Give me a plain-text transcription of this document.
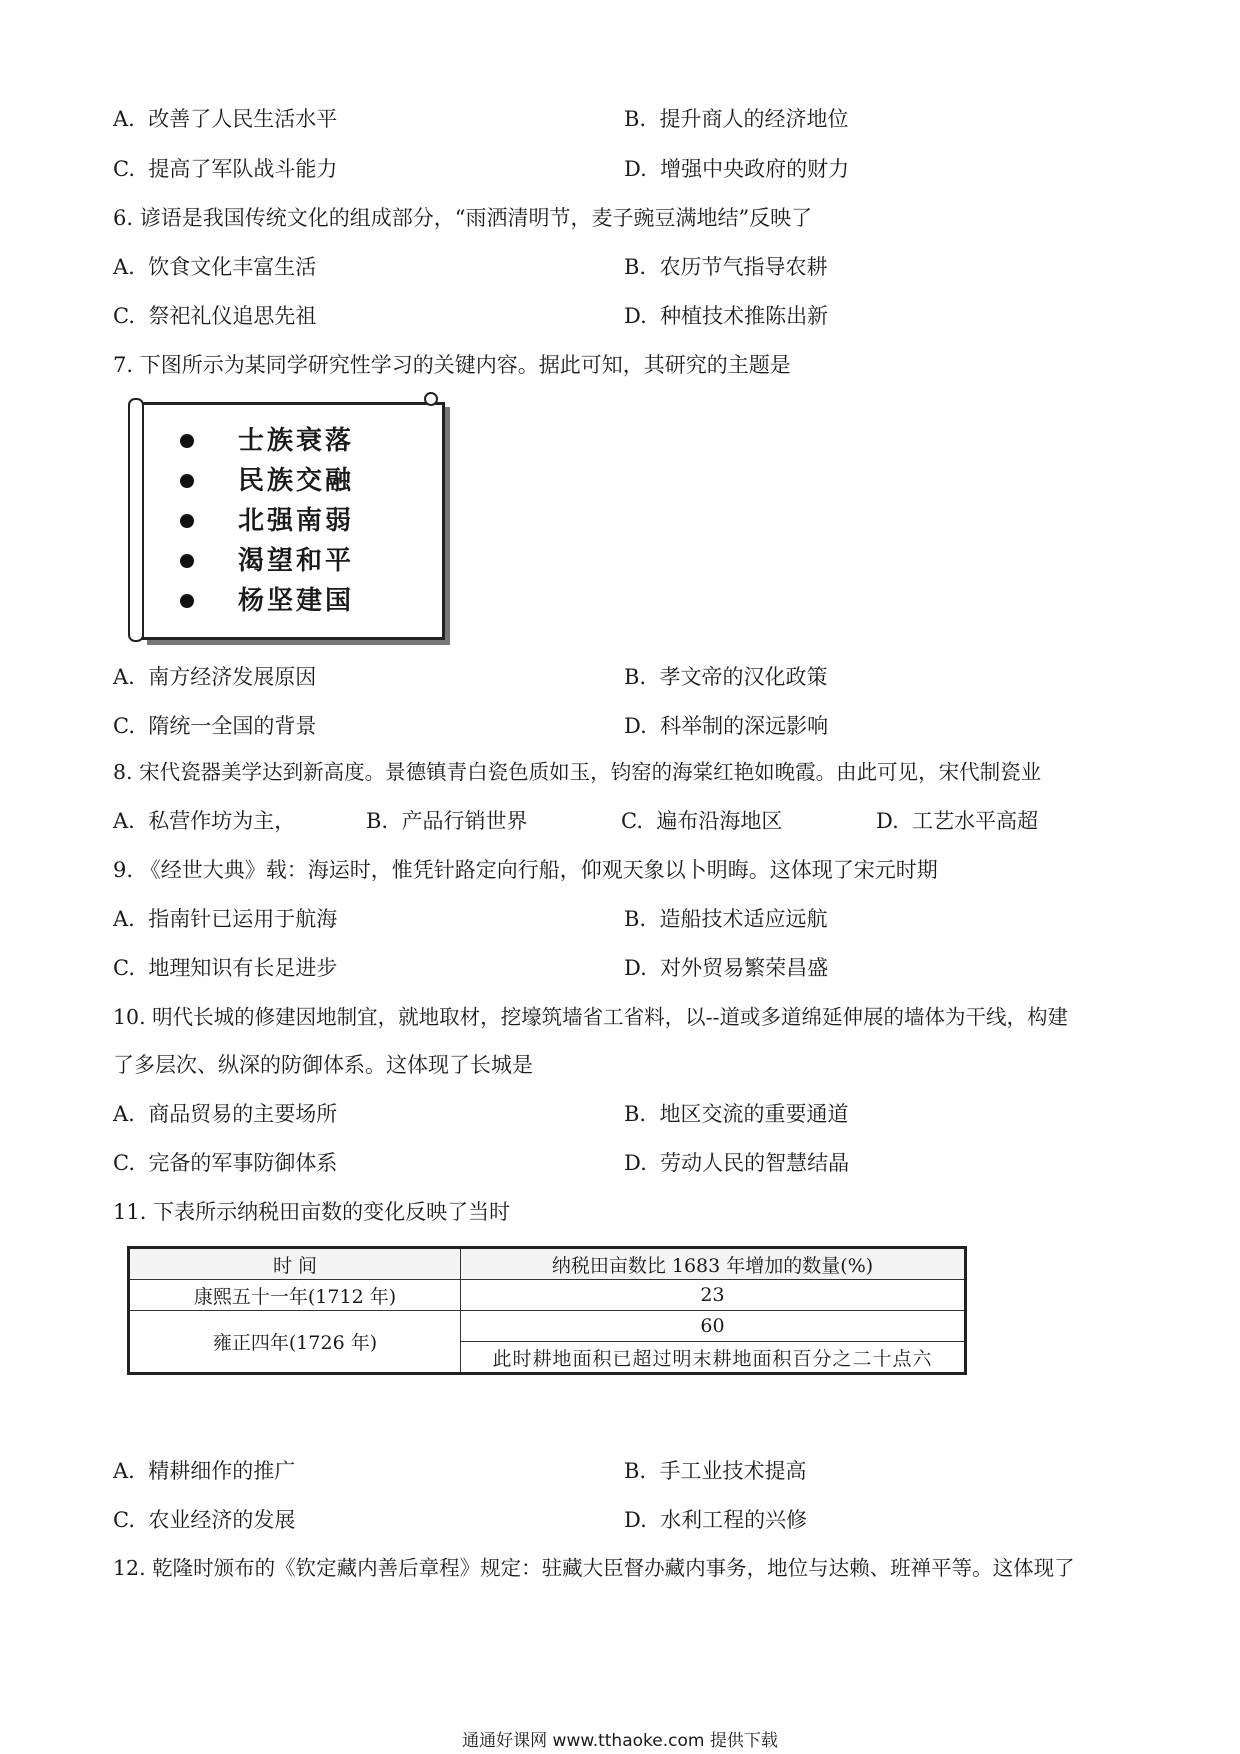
A. 改善了人民生活水平	B. 提升商人的经济地位
C. 提高了军队战斗能力	D. 增强中央政府的财力
6. 谚语是我国传统文化的组成部分，“雨洒清明节，麦子豌豆满地结”反映了
A. 饮食文化丰富生活	B. 农历节气指导农耕
C. 祭祀礼仪追思先祖	D. 种植技术推陈出新
7. 下图所示为某同学研究性学习的关键内容。据此可知，其研究的主题是
士族衰落
民族交融
北强南弱
渴望和平
杨坚建国
A. 南方经济发展原因	B. 孝文帝的汉化政策
C. 隋统一全国的背景	D. 科举制的深远影响
8. 宋代瓷器美学达到新高度。景德镇青白瓷色质如玉，钧窑的海棠红艳如晚霞。由此可见，宋代制瓷业
A. 私营作坊为主，	B. 产品行销世界	C. 遍布沿海地区	D. 工艺水平高超
9. 《经世大典》载：海运时，惟凭针路定向行船，仰观天象以卜明晦。这体现了宋元时期
A. 指南针已运用于航海	B. 造船技术适应远航
C. 地理知识有长足进步	D. 对外贸易繁荣昌盛
10. 明代长城的修建因地制宜，就地取材，挖壕筑墙省工省料，以--道或多道绵延伸展的墙体为干线，构建
了多层次、纵深的防御体系。这体现了长城是
A. 商品贸易的主要场所	B. 地区交流的重要通道
C. 完备的军事防御体系	D. 劳动人民的智慧结晶
11. 下表所示纳税田亩数的变化反映了当时
时 间	纳税田亩数比 1683 年增加的数量(%)
康熙五十一年(1712 年)	23
雍正四年(1726 年)	60
	此时耕地面积已超过明末耕地面积百分之二十点六
A. 精耕细作的推广	B. 手工业技术提高
C. 农业经济的发展	D. 水利工程的兴修
12. 乾隆时颁布的《钦定藏内善后章程》规定：驻藏大臣督办藏内事务，地位与达赖、班禅平等。这体现了
通通好课网 www.tthaoke.com 提供下载
